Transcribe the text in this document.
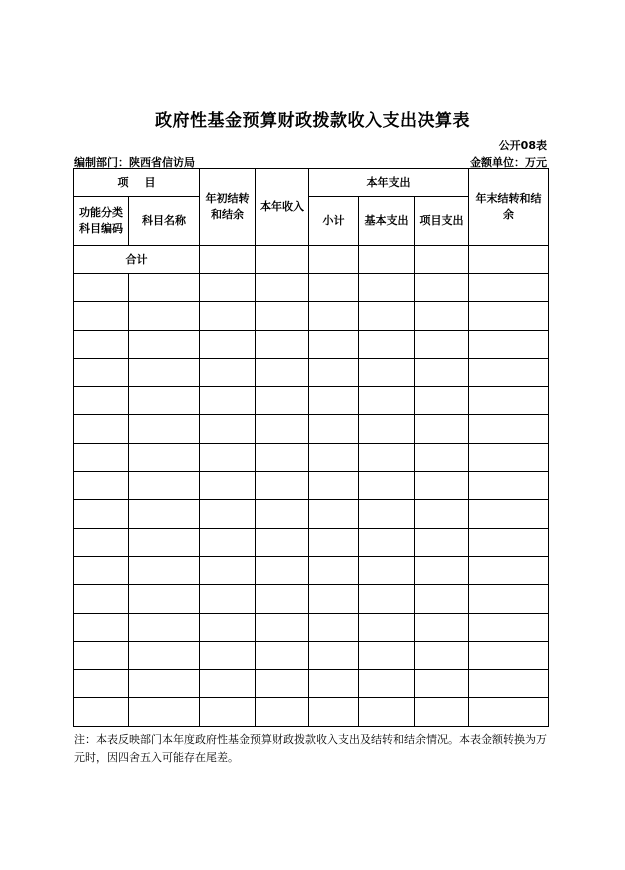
政府性基金预算财政拨款收入支出决算表
公开08表
编制部门：陕西省信访局	金额单位：万元
项 目		年初结转和结余	本年收入	本年支出			年末结转和结余
功能分类科目编码	科目名称			小计	基本支出	项目支出	
合计							

注：本表反映部门本年度政府性基金预算财政拨款收入支出及结转和结余情况。本表金额转换为万元时，因四舍五入可能存在尾差。
